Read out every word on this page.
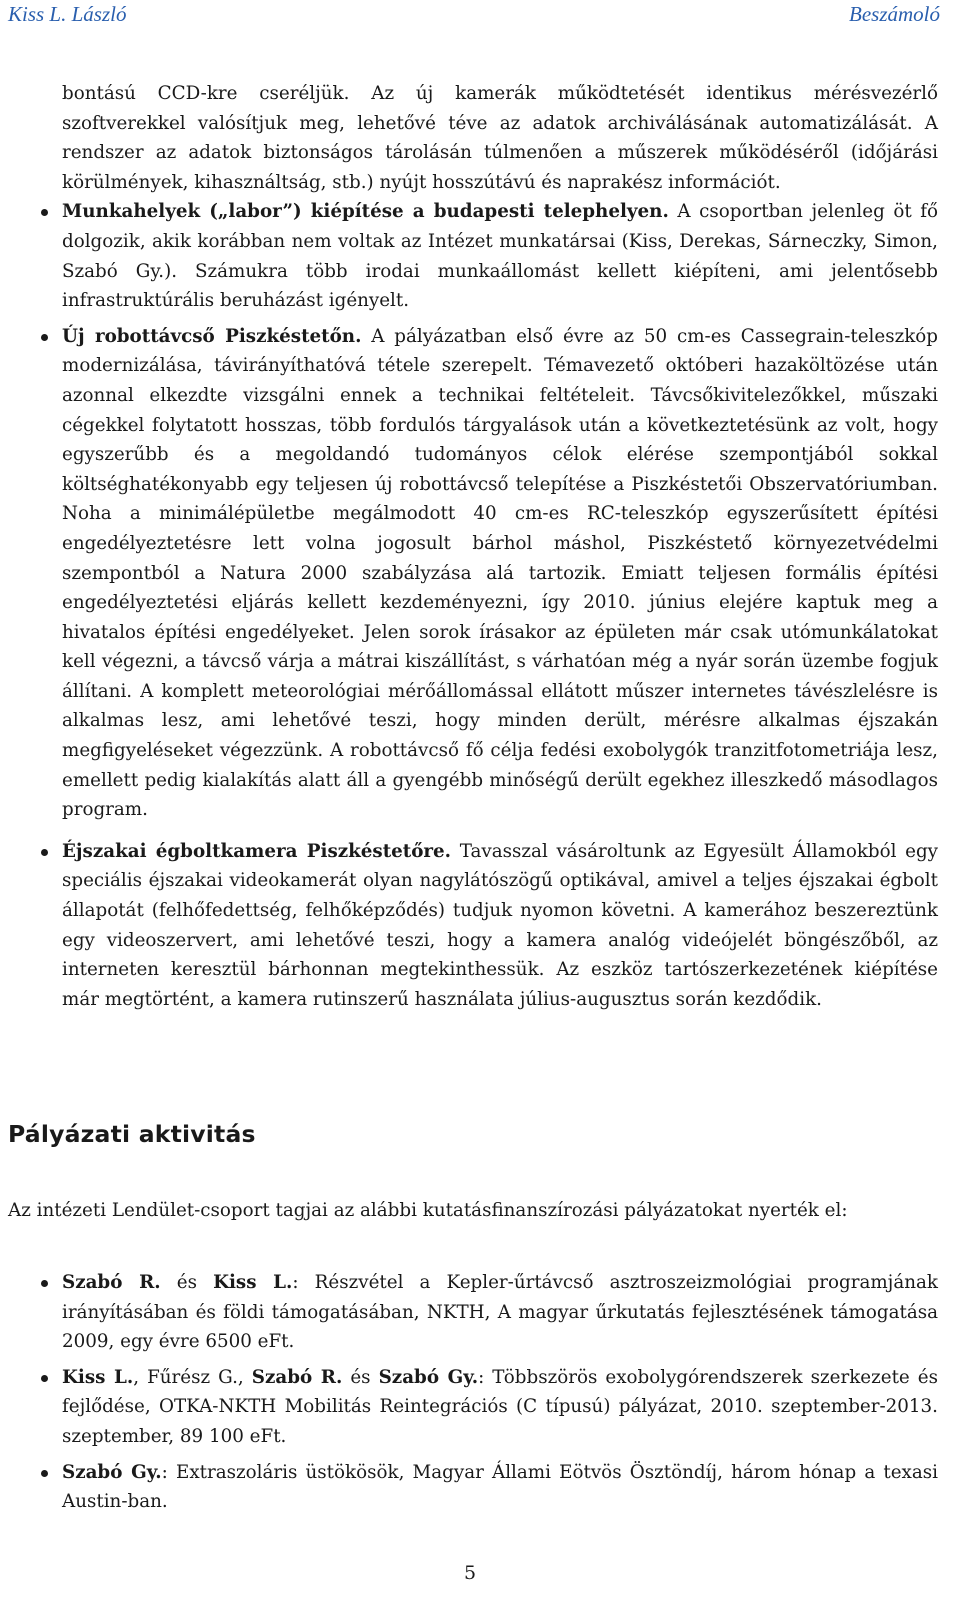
Kiss L. László	Beszámoló

bontású CCD-kre cseréljük. Az új kamerák működtetését identikus mérésvezérlő szoftverekkel valósítjuk meg, lehetővé téve az adatok archiválásának automatizálását. A rendszer az adatok biztonságos tárolásán túlmenően a műszerek működéséről (időjárási körülmények, kihasználtság, stb.) nyújt hosszútávú és naprakész információt.

Munkahelyek („labor”) kiépítése a budapesti telephelyen. A csoportban jelenleg öt fő dolgozik, akik korábban nem voltak az Intézet munkatársai (Kiss, Derekas, Sárneczky, Simon, Szabó Gy.). Számukra több irodai munkaállomást kellett kiépíteni, ami jelentősebb infrastruktúrális beruházást igényelt.
Új robottávcső Piszkéstetőn. A pályázatban első évre az 50 cm-es Cassegrain-teleszkóp modernizálása, távirányíthatóvá tétele szerepelt. Témavezető októberi hazaköltözése után azonnal elkezdte vizsgálni ennek a technikai feltételeit. Távcsőkivitelezőkkel, műszaki cégekkel folytatott hosszas, több fordulós tárgyalások után a következtetésünk az volt, hogy egyszerűbb és a megoldandó tudományos célok elérése szempontjából sokkal költséghatékonyabb egy teljesen új robottávcső telepítése a Piszkéstetői Obszervatóriumban. Noha a minimálépületbe megálmodott 40 cm-es RC-teleszkóp egyszerűsített építési engedélyeztetésre lett volna jogosult bárhol máshol, Piszkéstető környezetvédelmi szempontból a Natura 2000 szabályzása alá tartozik. Emiatt teljesen formális építési engedélyeztetési eljárás kellett kezdeményezni, így 2010. június elejére kaptuk meg a hivatalos építési engedélyeket. Jelen sorok írásakor az épületen már csak utómunkálatokat kell végezni, a távcső várja a mátrai kiszállítást, s várhatóan még a nyár során üzembe fogjuk állítani. A komplett meteorológiai mérőállomással ellátott műszer internetes távészlelésre is alkalmas lesz, ami lehetővé teszi, hogy minden derült, mérésre alkalmas éjszakán megfigyeléseket végezzünk. A robottávcső fő célja fedési exobolygók tranzitfotometriája lesz, emellett pedig kialakítás alatt áll a gyengébb minőségű derült egekhez illeszkedő másodlagos program.
Éjszakai égboltkamera Piszkéstetőre. Tavasszal vásároltunk az Egyesült Államokból egy speciális éjszakai videokamerát olyan nagylátószögű optikával, amivel a teljes éjszakai égbolt állapotát (felhőfedettség, felhőképződés) tudjuk nyomon követni. A kamerához beszereztünk egy videoszervert, ami lehetővé teszi, hogy a kamera analóg videójelét böngészőből, az interneten keresztül bárhonnan megtekinthessük. Az eszköz tartószerkezetének kiépítése már megtörtént, a kamera rutinszerű használata július-augusztus során kezdődik.
Pályázati aktivitás
Az intézeti Lendület-csoport tagjai az alábbi kutatásfinanszírozási pályázatokat nyerték el:
Szabó R. és Kiss L.: Részvétel a Kepler-űrtávcső asztroszeizmológiai programjának irányításában és földi támogatásában, NKTH, A magyar űrkutatás fejlesztésének támogatása 2009, egy évre 6500 eFt.
Kiss L., Fűrész G., Szabó R. és Szabó Gy.: Többszörös exobolygórendszerek szerkezete és fejlődése, OTKA-NKTH Mobilitás Reintegrációs (C típusú) pályázat, 2010. szeptember-2013. szeptember, 89 100 eFt.
Szabó Gy.: Extraszoláris üstökösök, Magyar Állami Eötvös Ösztöndíj, három hónap a texasi Austin-ban.
5
